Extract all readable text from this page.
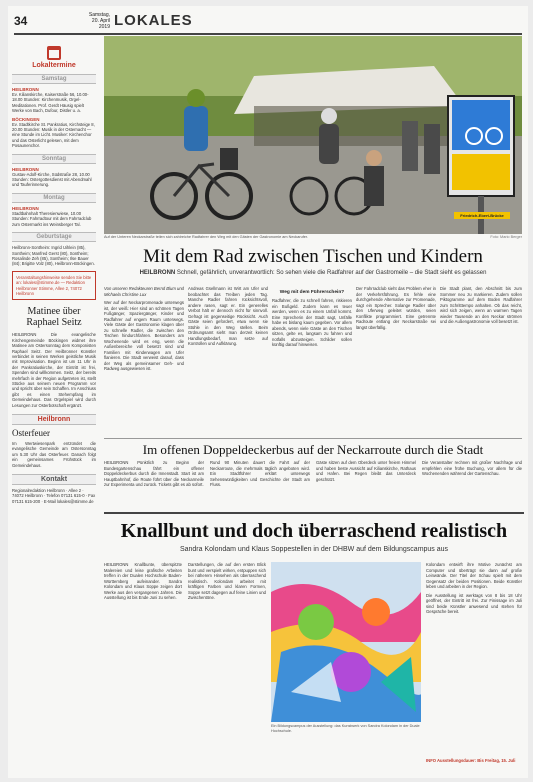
34	Samstag,
20. April 2019 LOKALES
Lokaltermine
Samstag
HEILBRONN
Ev. Kilianskirche, Kaiserstraße 56, 10.00-18.00 Stunden: Kirchenmusik, Orgel-Meditationen. Prof. Gerdt Häusig spielt Werke von Bach, Dufour, Distler u. a.
BÖCKINGEN
Ev. Stadtkirche St. Pankratius, Kirchsteige 8, 20.00 Stunden: Musik in der Osternacht — eine Stunde im Licht. Musiker: Kirchenchor und das Osterlicht gelesen, mit dem Posaunenchor.
Sonntag
HEILBRONN
Gustav-Adolf-Kirche, Südstraße 28, 10.00 Stunden: Ostergottesdienst mit Abendmahl und Tauferinnerung.
Montag
HEILBRONN
Stadtbahnhalt Theresienwiese, 10.00 Stunden: Fahrradtour mit dem Fahrradclub zum Ostermarkt ins Weinsberger Tal.
Geburtstage
Heilbronn-Sontheim: Ingrid Uihlein (85), Sontheim; Manfred Gerst (80), Sontheim; Rosalinde Zeh (85), Sontheim; Ilse Bauer (84); Brigitte Volz (80), Heilbronn-Böckingen.
Veranstaltungshinweise senden Sie bitte an: lokales@stimme.de — Redaktion Heilbronner Stimme, Allee 2, 74072 Heilbronn
Matinee über Raphael Seitz
HEILBRONN Die evangelische Kirchengemeinde Böckingen widmet ihre Matinee am Ostersonntag dem Komponisten Raphael Seitz. Der Heilbronner Künstler verbindet in seinen Werken geistliche Musik mit Improvisation. Beginn ist um 11 Uhr in der Pankratiuskirche, der Eintritt ist frei, Spenden sind willkommen. Seitz, der bereits mehrfach in der Region aufgetreten ist, stellt Stücke aus seinem neuen Programm vor und spricht über sein Schaffen. Im Anschluss gibt es einen Stehempfang im Gemeindehaus. Das Orgelspiel wird durch Lesungen zur Osterbotschaft ergänzt.
Heilbronn
Osterfeuer
Im Wertwiesenpark entzündet die evangelische Gemeinde am Ostersonntag um 5.30 Uhr das Osterfeuer. Danach folgt ein gemeinsames Frühstück im Gemeindehaus.
Kontakt
Regionalredaktion Heilbronn · Allee 2 · 74072 Heilbronn · Telefon 07131 615-0 · Fax 07131 615-200 · E-Mail lokales@stimme.de
Friedrich-Ebert-Brücke
Auf der Unteren Neckarstraße teilen sich zahlreiche Radfahrer den Weg mit den Gästen der Gastronomie am Neckarufer.	Foto: Mario Berger
Mit dem Rad zwischen Tischen und Kindern
HEILBRONN Schnell, gefährlich, unverantwortlich: So sehen viele die Radfahrer auf der Gastromeile – die Stadt sieht es gelassen
Von unseren Redakteuren Bernd Blum und Michaela Christine Lux
Wer auf der Neckarpromenade unterwegs ist, der weiß: Hier sind an schönen Tagen Fußgänger, Spaziergänger, Kinder und Radfahrer auf engem Raum unterwegs. Viele Gäste der Gastronomie klagen über zu schnelle Radler, die zwischen den Tischen hindurchfahren. Besonders am Wochenende wird es eng, wenn die Außenbereiche voll besetzt sind und Familien mit Kinderwagen am Ufer flanieren. Die Stadt verweist darauf, dass der Weg als gemeinsamer Geh- und Radweg ausgewiesen ist.
Andreas Gsellmann ist Wirt am Ufer und beobachtet das Treiben jeden Tag. Manche Radler fahren rücksichtsvoll, andere rasen, sagt er. Ein generelles Verbot hält er dennoch nicht für sinnvoll. Gefragt ist gegenseitige Rücksicht. Auch Gäste seien gefordert, etwa wenn sie Stühle in den Weg stellen. Beim Ordnungsamt sieht man derzeit keinen Handlungsbedarf, man setze auf Kontrollen und Aufklärung.
Weg mit dem Führerschein?
Radfahrer, die zu schnell fahren, riskieren ein Bußgeld. Zudem kann es teuer werden, wenn es zu einem Unfall kommt. Eine Sprecherin der Stadt sagt, Unfälle habe es bislang kaum gegeben. Vor allem abends, wenn viele Gäste an den Tischen sitzen, gelte es, langsam zu fahren und notfalls abzusteigen. Schilder sollen künftig darauf hinweisen.
Der Fahrradclub sieht das Problem eher in der Verkehrsführung. Es fehle eine durchgehende Alternative zur Promenade, sagt ein Sprecher. Solange Radler über den Uferweg geleitet würden, seien Konflikte programmiert. Eine getrennte Radroute entlang der Neckarstraße sei längst überfällig.
Die Stadt plant, den Abschnitt bis zum Sommer neu zu markieren. Zudem sollen Piktogramme auf dem Boden Radfahrer zum Schritttempo anhalten. Ob das reicht, wird sich zeigen, wenn an warmen Tagen wieder Tausende an den Neckar strömen und die Außengastronomie voll besetzt ist.
Im offenen Doppeldeckerbus auf der Neckarroute durch die Stadt
HEILBRONN Pünktlich zu Beginn der Bundesgartenschau fährt ein offener Doppeldeckerbus durch die Innenstadt. Start ist am Hauptbahnhof, die Route führt über die Neckarmeile zur Experimenta und zurück. Tickets gibt es ab sofort.
Rund 90 Minuten dauert die Fahrt auf der Neckarroute, die mehrmals täglich angeboten wird. Ein Stadtführer erklärt unterwegs Sehenswürdigkeiten und Geschichte der Stadt am Fluss.
Gäste sitzen auf dem Oberdeck unter freiem Himmel und haben beste Aussicht auf Kilianskirche, Rathaus und Hafen. Bei Regen bleibt das Unterdeck geschützt.
Die Veranstalter rechnen mit großer Nachfrage und empfehlen eine frühe Buchung, vor allem für die Wochenenden während der Gartenschau.
Knallbunt und doch überraschend realistisch
Sandra Kolondam und Klaus Soppestellen in der DHBW auf dem Bildungscampus aus
HEILBRONN Knallbunte, überspitzte Malereien und leise grafische Arbeiten treffen in der Dualen Hochschule Baden-Württemberg aufeinander. Sandra Kolondam und Klaus Soppe zeigen dort Werke aus den vergangenen Jahren. Die Ausstellung ist bis Ende Juni zu sehen.
Darstellungen, die auf den ersten Blick bunt und verspielt wirken, entpuppen sich bei näherem Hinsehen als überraschend realistisch. Kolondam arbeitet mit kräftigen Farben und klaren Formen, Soppe setzt dagegen auf feine Linien und Zwischentöne.
Ein Bildungscampus der Ausstellung: das Kunstwerk von Sandra Kolondam in der Duale Hochschule.
Kolondam entwirft ihre Motive zunächst am Computer und überträgt sie dann auf große Leinwände. Der Titel der Schau spielt mit dem Gegensatz der beiden Positionen. Beide Künstler leben und arbeiten in der Region.
Die Ausstellung ist werktags von 8 bis 18 Uhr geöffnet, der Eintritt ist frei. Zur Finissage im Juli sind beide Künstler anwesend und stehen für Gespräche bereit.
INFO Ausstellungsdauer: Bis Freitag, 15. Juli
